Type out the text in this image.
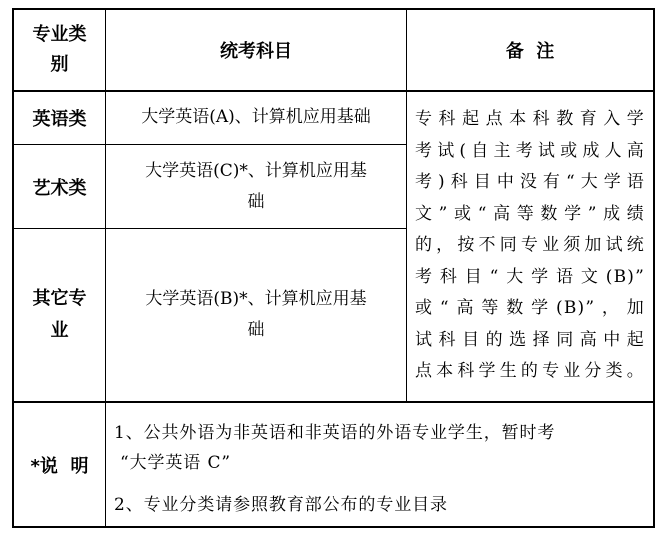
专业类
别
统考科目	备  注
英语类	大学英语(A)、计算机应用基础
艺术类
大学英语(C)*、计算机应用基
础
其它专
业
大学英语(B)*、计算机应用基
础
专科起点本科教育入学
考试(自主考试或成人高
考)科目中没有“大学语
文”或“高等数学”成绩
的，按不同专业须加试统
考科目“大学语文(B)”
或“高等数学(B)”，加
试科目的选择同高中起
点本科学生的专业分类。
*说  明
1、公共外语为非英语和非英语的外语专业学生，暂时考
“大学英语 C”
2、专业分类请参照教育部公布的专业目录
